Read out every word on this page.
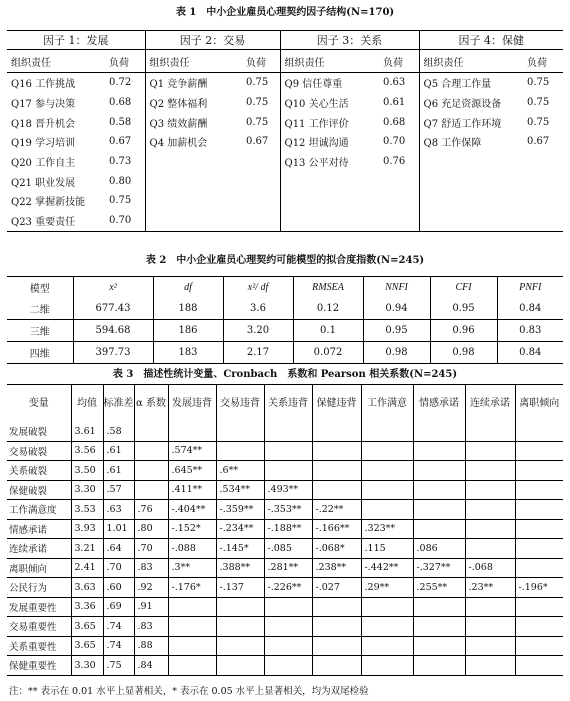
表 1　中小企业雇员心理契约因子结构(N=170)
因子 1：发展		因子 2：交易		因子 3：关系		因子 4：保健	
组织责任	负荷	组织责任	负荷	组织责任	负荷	组织责任	负荷
Q16 工作挑战	0.72	Q1 竞争薪酬	0.75	Q9 信任尊重	0.63	Q5 合理工作量	0.75
Q17 参与决策	0.68	Q2 整体福利	0.75	Q10 关心生活	0.61	Q6 充足资源设备	0.75
Q18 晋升机会	0.58	Q3 绩效薪酬	0.75	Q11 工作评价	0.68	Q7 舒适工作环境	0.75
Q19 学习培训	0.67	Q4 加薪机会	0.67	Q12 坦诚沟通	0.70	Q8 工作保障	0.67
Q20 工作自主	0.73			Q13 公平对待	0.76		
Q21 职业发展	0.80						
Q22 掌握新技能	0.75						
Q23 重要责任	0.70						
表 2　中小企业雇员心理契约可能模型的拟合度指数(N=245)
模型	x²	df	x²/ df	RMSEA	NNFI	CFI	PNFI
二维	677.43	188	3.6	0.12	0.94	0.95	0.84
三维	594.68	186	3.20	0.1	0.95	0.96	0.83
四维	397.73	183	2.17	0.072	0.98	0.98	0.84
表 3　描述性统计变量、Cronbach　系数和 Pearson 相关系数(N=245)
变量	均值	标准差	α 系数	发展违背	交易违背	关系违背	保健违背	工作满意	情感承诺	连续承诺	离职倾向
发展破裂	3.61	.58									
交易破裂	3.56	.61		.574**							
关系破裂	3.50	.61		.645**	.6**						
保健破裂	3.30	.57		.411**	.534**	.493**					
工作满意度	3.53	.63	.76	-.404**	-.359**	-.353**	-.22**				
情感承诺	3.93	1.01	.80	-.152*	-.234**	-.188**	-.166**	.323**			
连续承诺	3.21	.64	.70	-.088	-.145*	-.085	-.068*	.115	.086		
离职倾向	2.41	.70	.83	.3**	.388**	.281**	.238**	-.442**	-.327**	-.068	
公民行为	3.63	.60	.92	-.176*	-.137	-.226**	-.027	.29**	.255**	.23**	-.196*
发展重要性	3.36	.69	.91								
交易重要性	3.65	.74	.83								
关系重要性	3.65	.74	.88								
保健重要性	3.30	.75	.84								
注：** 表示在 0.01 水平上显著相关，* 表示在 0.05 水平上显著相关，均为双尾检验
